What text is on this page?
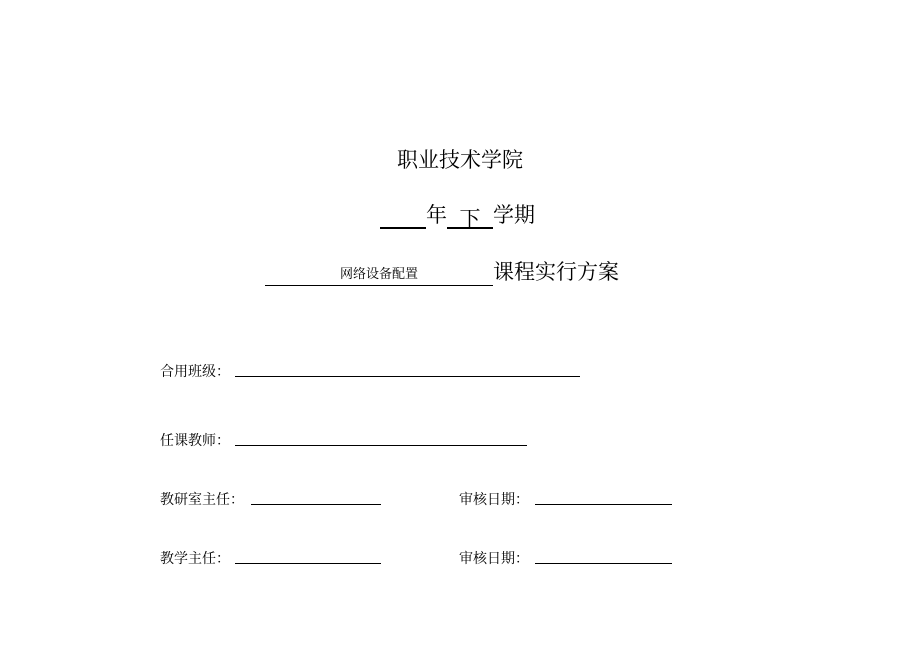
职业技术学院
年 下 学期
网络设备配置	课程实行方案
合用班级：
任课教师：
教研室主任：	审核日期：
教学主任：	审核日期：
